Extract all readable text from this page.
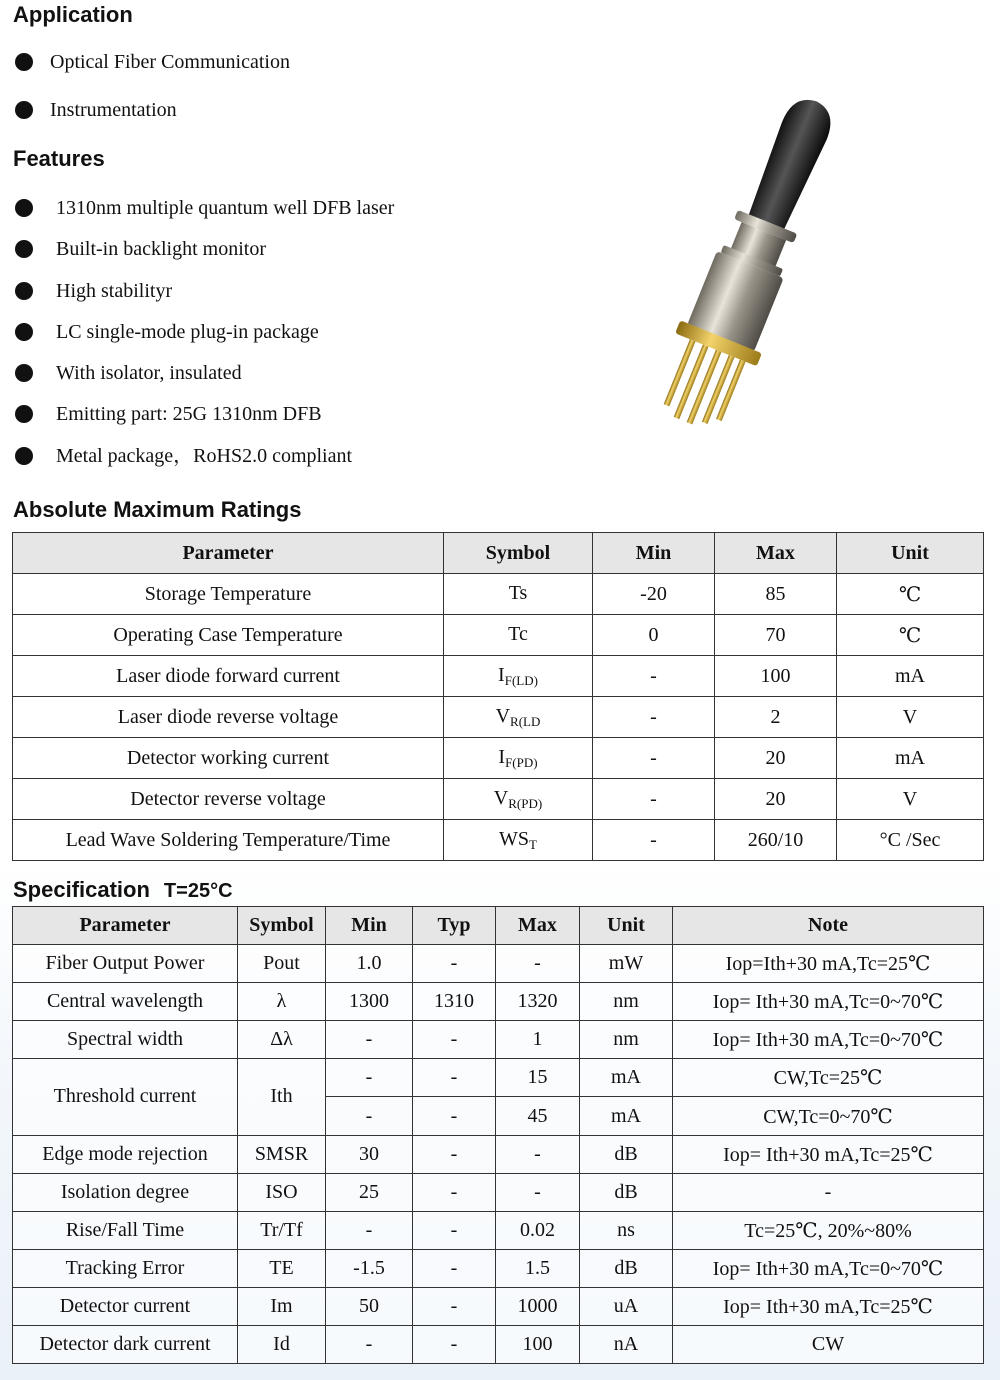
Application
Optical Fiber Communication
Instrumentation
Features
1310nm multiple quantum well DFB laser
Built-in backlight monitor
High stabilityr
LC single-mode plug-in package
With isolator, insulated
Emitting part: 25G 1310nm DFB
Metal package，RoHS2.0 compliant
Absolute Maximum Ratings
Parameter	Symbol	Min	Max	Unit
Storage Temperature	Ts	-20	85	℃
Operating Case Temperature	Tc	0	70	℃
Laser diode forward current	$I_{F(LD)}$	-	100	mA
Laser diode reverse voltage	$V_{R(LD}$	-	2	V
Detector working current	$I_{F(PD)}$	-	20	mA
Detector reverse voltage	$V_{R(PD)}$	-	20	V
Lead Wave Soldering Temperature/Time	$WS_T$	-	260/10	°C /Sec
Specification T=25°C
Parameter	Symbol	Min	Typ	Max	Unit	Note
Fiber Output Power	Pout	1.0	-	-	mW	Iop=Ith+30 mA,Tc=25℃
Central wavelength	λ	1300	1310	1320	nm	Iop= Ith+30 mA,Tc=0~70℃
Spectral width	Δλ	-	-	1	nm	Iop= Ith+30 mA,Tc=0~70℃
Threshold current	Ith	-	-	15	mA	CW,Tc=25℃
		-	-	45	mA	CW,Tc=0~70℃
Edge mode rejection	SMSR	30	-	-	dB	Iop= Ith+30 mA,Tc=25℃
Isolation degree	ISO	25	-	-	dB	-
Rise/Fall Time	Tr/Tf	-	-	0.02	ns	Tc=25℃, 20%~80%
Tracking Error	TE	-1.5	-	1.5	dB	Iop= Ith+30 mA,Tc=0~70℃
Detector current	Im	50	-	1000	uA	Iop= Ith+30 mA,Tc=25℃
Detector dark current	Id	-	-	100	nA	CW
